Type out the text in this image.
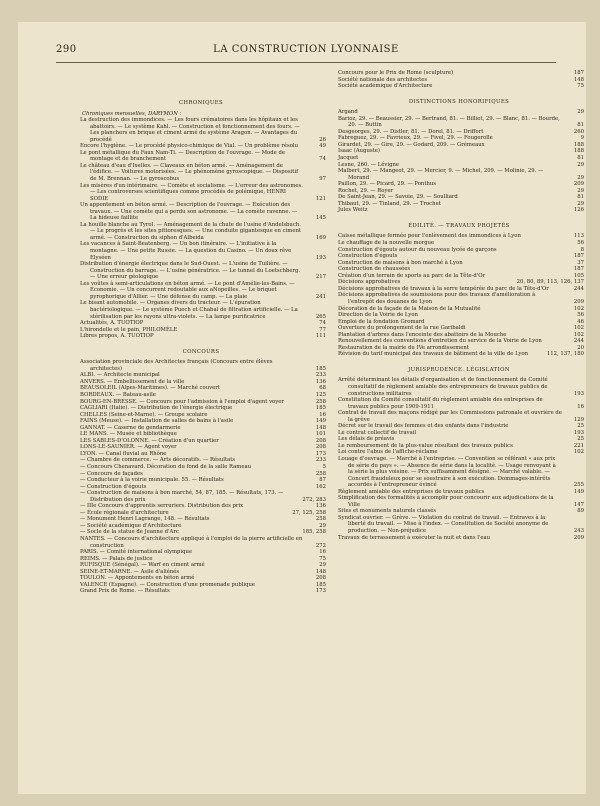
290	LA CONSTRUCTION LYONNAISE
CHRONIQUES
Chroniques mensuelles, DARYMON :
La destruction des immondices. — Les fours crématoires dans les hôpitaux et les abattoirs. — Le système Kahl. — Construction et fonctionnement des fours. — Les planchers en brique et ciment armé du système Aragon. — Avantages du procédé	26
Encore l'hygiène. — Le procédé physico-chimique de Vial. — Un problème résolu	49
Le pont métallique du Faux Nam-Ti. — Description de l'ouvrage. — Mode de montage et de branchement	74
Le château d'eau d'Ixelles. — Claveaux en béton armé. — Aménagement de l'édifice. — Voitures motorisées. — Le phénomène gyroscopique. — Dispositif de M. Brennan. — Le gyroscobus	97
Les misères d'un intérimaire. — Comète et socialisme. — L'erreur des astronomes. — Les controverses scientifiques comme procédés de polémique, HENRI SODIE	121
Un appontement en béton armé. — Description de l'ouvrage. — Exécution des travaux. — Une comète qui a perdu son astronome. — La comète ravenne. — La hideuse faillite	145
La houille blanche au Tyrol. — Aménagement de la chute de l'usine d'Andelsbuch. — Le progrès et les sites pittoresques. — Une conduite gigantesque en ciment armé. — Construction du siphon d'Albeida	169
Les vacances à Saint-Beatenberg. — Un bon itinéraire. — L'initiative à la montagne. — Une petite Russie. — La question du Casino. — Un doux rêve Elyséen	193
Distribution d'énergie électrique dans le Sud-Ouest. — L'usine de Tuilière. — Construction du barrage. — L'usine génératrice. — Le tunnel du Loetschberg. — Une erreur géologique	217
Les voûtes à semi-articulations en béton armé. — Le pont d'Amélie-les-Bains. — Économie. — Un concurrent redoutable aux aNopeilles. — Le briquet pyrophorique d'Allier. — Une défense du camp. — La plaie	241
Le bisant automobile. — Organes divers du tracteur. — L'épuration bactériologique. — Le système Puech et Chabal de filtration artificielle. — La stérilisation par les rayons ultra-violets. — La lampe purificatrice	265
Actualités, A. TUOTIOP	74
L'hirondelle et le pain, PHILOMÈLE	77
Libres propos, A. TUOTIOP	111
CONCOURS
Association provinciale des Architectes français (Concours entre élèves architectes)	185
ALBI. — Architecte municipal	233
ANVERS. — Embellissement de la ville	136
BEAUSOLEIL (Alpes-Maritimes). — Marché couvert	68
BORDEAUX. — Bateau-asile	125
BOURG-EN-BRESSE. — Concours pour l'admission à l'emploi d'agent voyer	258
CAGLIARI (Italie). — Distribution de l'énergie électrique	185
CHELLES (Seine-et-Marne). — Groupe scolaire	16
FAINS (Meuse). — Installation de salles de bains à l'asile	149
GANNAT. — Caserne de gendarmerie	148
LE MANS. — Musée et bibliothèque	101
LES SABLES-D'OLONNE. — Création d'un quartier	208
LONS-LE-SAUNIER. — Agent voyer	208
LYON. — Canal fluvial au Rhône	173
— Chambre de commerce. — Arts décoratifs. — Résultats	233
— Concours Chenavard. Décoration du fond de la salle Rameau	5
— Concours de façades	258
— Conducteur à la voirie municipale. 55. — Résultats	87
— Construction d'égouts	162
— Construction de maisons à bon marché, 54, 87, 185. — Résultats, 173. — Distribution des prix	272, 283
— IIIe Concours d'apprentis serruriers. Distribution des prix	136
— École régionale d'architecture	27, 125, 258
— Monument Henri Lagrange, 148. — Résultats	258
— Société académique d'Architecture	29
— Socle de la statue de Jeanne d'Arc	185, 258
NANTES. — Concours d'architecture appliqué à l'emploi de la pierre artificielle en construction	272
PARIS. — Comité international olympique	16
REIMS. — Palais de justice	75
RUFISQUE (Sénégal). — Warf en ciment armé	29
SEINE-ET-MARNE. — Asile d'aliénés	148
TOULON. — Appontements en béton armé	208
VALENCE (Espagne). — Construction d'une promenade publique	185
Grand Prix de Rome. — Résultats	173
Concours pour le Prix de Rome (sculpture)	187
Société nationale des architectes	148
Société académique d'Architecture	75
DISTINCTIONS HONORIFIQUES
Argand	29
Barioz, 29. — Beaussier, 29. — Bertrand, 81. — Billiet, 29. — Blanc, 81. — Bourde, 20. — Buttin	81
Desgeorges, 29. — Distler, 81. — Dorel, 81. — Driffort	260
Fabreguez, 29. — Favrieux, 29. — Fivel, 29. — Fougerolle	9
Girardet, 29. — Gire, 29. — Godard, 209. — Grémeaux	188
Isaac (Auguste)	188
Jacquet	81
Lesne, 260. — Lévigne	29
Malbert, 29. — Mangeot, 29. — Mercier, 9. — Michel, 209. — Molinie, 29. — Morand	29
Paillon, 29. — Picard, 29. — Ponthus	209
Rochet, 29. — Royer	29
De Saint-Jean, 29. — Savoie, 29. — Soulliard	81
Thibaut, 29. — Tinland, 29. — Trochet	29
Jules Weitz	126
ÉDILITÉ. — TRAVAUX PROJETÉS
Caisse métallique fermée pour l'enlèvement des immondices à Lyon	113
Le chauffage de la nouvelle morgue	56
Construction d'égouts autour du nouveau lycée de garçons	8
Construction d'égouts	187
Construction de maisons à bon marché à Lyon	37
Construction de chaussées	187
Création d'un terrain de sports au parc de la Tête-d'Or	105
Décisions approbatives	20, 80, 89, 113, 126, 137
Décisions approbatives de travaux à la serre tempérée du parc de la Tête-d'Or	244
Décisions approbatives de soumissions pour des travaux d'amélioration à l'entrepôt des douanes de Lyon	209
Décoration de la façade de la Maison de la Mutualité	102
Direction de la Voirie de Lyon	56
Emploi de la fondation Gromard	46
Ouverture du prolongement de la rue Garibaldi	102
Plantation d'arbres dans l'enceinte des abattoirs de la Mouche	102
Renouvellement des conventions d'entretien du service de la Voirie de Lyon	244
Restauration de la mairie du IVe arrondissement	20
Révision du tarif municipal des travaux de bâtiment de la ville de Lyon	112, 137, 180
JURISPRUDENCE. LÉGISLATION
Arrêté déterminant les détails d'organisation et de fonctionnement du Comité consultatif de règlement amiable des entrepreneurs de travaux publics de constructions militaires	193
Constitution du Comité consultatif du règlement amiable des entreprises de travaux publics pour 1909-1911	16
Contrat de travail des maçons rédigé par les Commissions patronale et ouvrière de la grève	129
Décret sur le travail des femmes et des enfants dans l'industrie	25
Le contrat collectif de travail	193
Les délais de préavis	25
Le remboursement de la plus-value résultant des travaux publics	221
Loi contre l'abus de l'affiche-réclame	102
Louage d'ouvrage. — Marché à l'entreprise. — Convention se référant « aux prix de série du pays ». — Absence de série dans la localité. — Usage renvoyant à la série la plus voisine. — Prix suffisamment désigné. — Marché valable. — Concert frauduleux pour se soustraire à son exécution. Dommages-intérêts accordés à l'entrepreneur évincé	255
Règlement amiable des entreprises de travaux publics	149
Simplification des formalités à accomplir pour concourir aux adjudications de la Ville	147
Sites et monuments naturels classés	89
Syndicat ouvrier. — Grève. — Violation du contrat de travail. — Entraves à la liberté du travail. — Mise à l'index. — Constitution de Société anonyme de production. — Non-préjudice	243
Travaux de terrassement à exécuter la nuit et dans l'eau	209
